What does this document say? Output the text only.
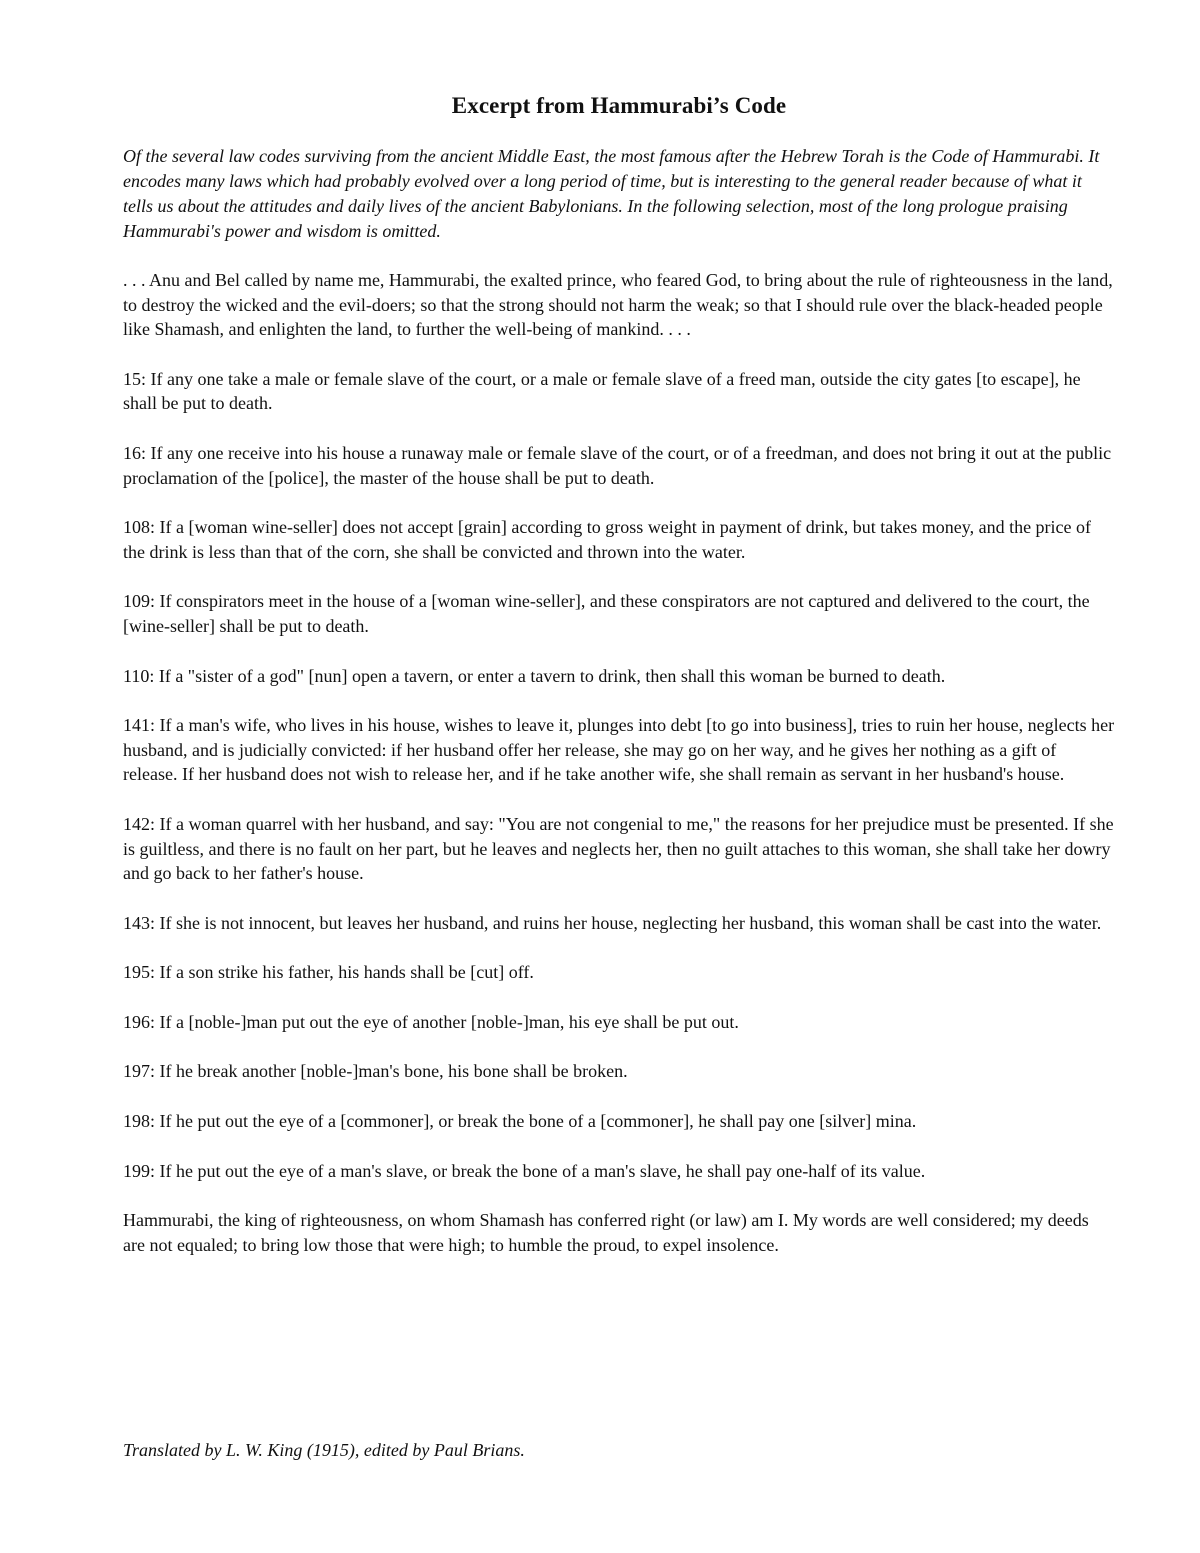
Excerpt from Hammurabi’s Code

Of the several law codes surviving from the ancient Middle East, the most famous after the Hebrew Torah is the Code of Hammurabi. It encodes many laws which had probably evolved over a long period of time, but is interesting to the general reader because of what it tells us about the attitudes and daily lives of the ancient Babylonians. In the following selection, most of the long prologue praising Hammurabi's power and wisdom is omitted.

. . . Anu and Bel called by name me, Hammurabi, the exalted prince, who feared God, to bring about the rule of righteousness in the land, to destroy the wicked and the evil-doers; so that the strong should not harm the weak; so that I should rule over the black-headed people like Shamash, and enlighten the land, to further the well-being of mankind. . . .

15: If any one take a male or female slave of the court, or a male or female slave of a freed man, outside the city gates [to escape], he shall be put to death.

16: If any one receive into his house a runaway male or female slave of the court, or of a freedman, and does not bring it out at the public proclamation of the [police], the master of the house shall be put to death.

108: If a [woman wine-seller] does not accept [grain] according to gross weight in payment of drink, but takes money, and the price of the drink is less than that of the corn, she shall be convicted and thrown into the water.

109: If conspirators meet in the house of a [woman wine-seller], and these conspirators are not captured and delivered to the court, the [wine-seller] shall be put to death.

110: If a "sister of a god" [nun] open a tavern, or enter a tavern to drink, then shall this woman be burned to death.

141: If a man's wife, who lives in his house, wishes to leave it, plunges into debt [to go into business], tries to ruin her house, neglects her husband, and is judicially convicted: if her husband offer her release, she may go on her way, and he gives her nothing as a gift of release. If her husband does not wish to release her, and if he take another wife, she shall remain as servant in her husband's house.

142: If a woman quarrel with her husband, and say: "You are not congenial to me," the reasons for her prejudice must be presented. If she is guiltless, and there is no fault on her part, but he leaves and neglects her, then no guilt attaches to this woman, she shall take her dowry and go back to her father's house.

143: If she is not innocent, but leaves her husband, and ruins her house, neglecting her husband, this woman shall be cast into the water.

195: If a son strike his father, his hands shall be [cut] off.

196: If a [noble-]man put out the eye of another [noble-]man, his eye shall be put out.

197: If he break another [noble-]man's bone, his bone shall be broken.

198: If he put out the eye of a [commoner], or break the bone of a [commoner], he shall pay one [silver] mina.

199: If he put out the eye of a man's slave, or break the bone of a man's slave, he shall pay one-half of its value.

Hammurabi, the king of righteousness, on whom Shamash has conferred right (or law) am I. My words are well considered; my deeds are not equaled; to bring low those that were high; to humble the proud, to expel insolence.

Translated by L. W. King (1915), edited by Paul Brians.
